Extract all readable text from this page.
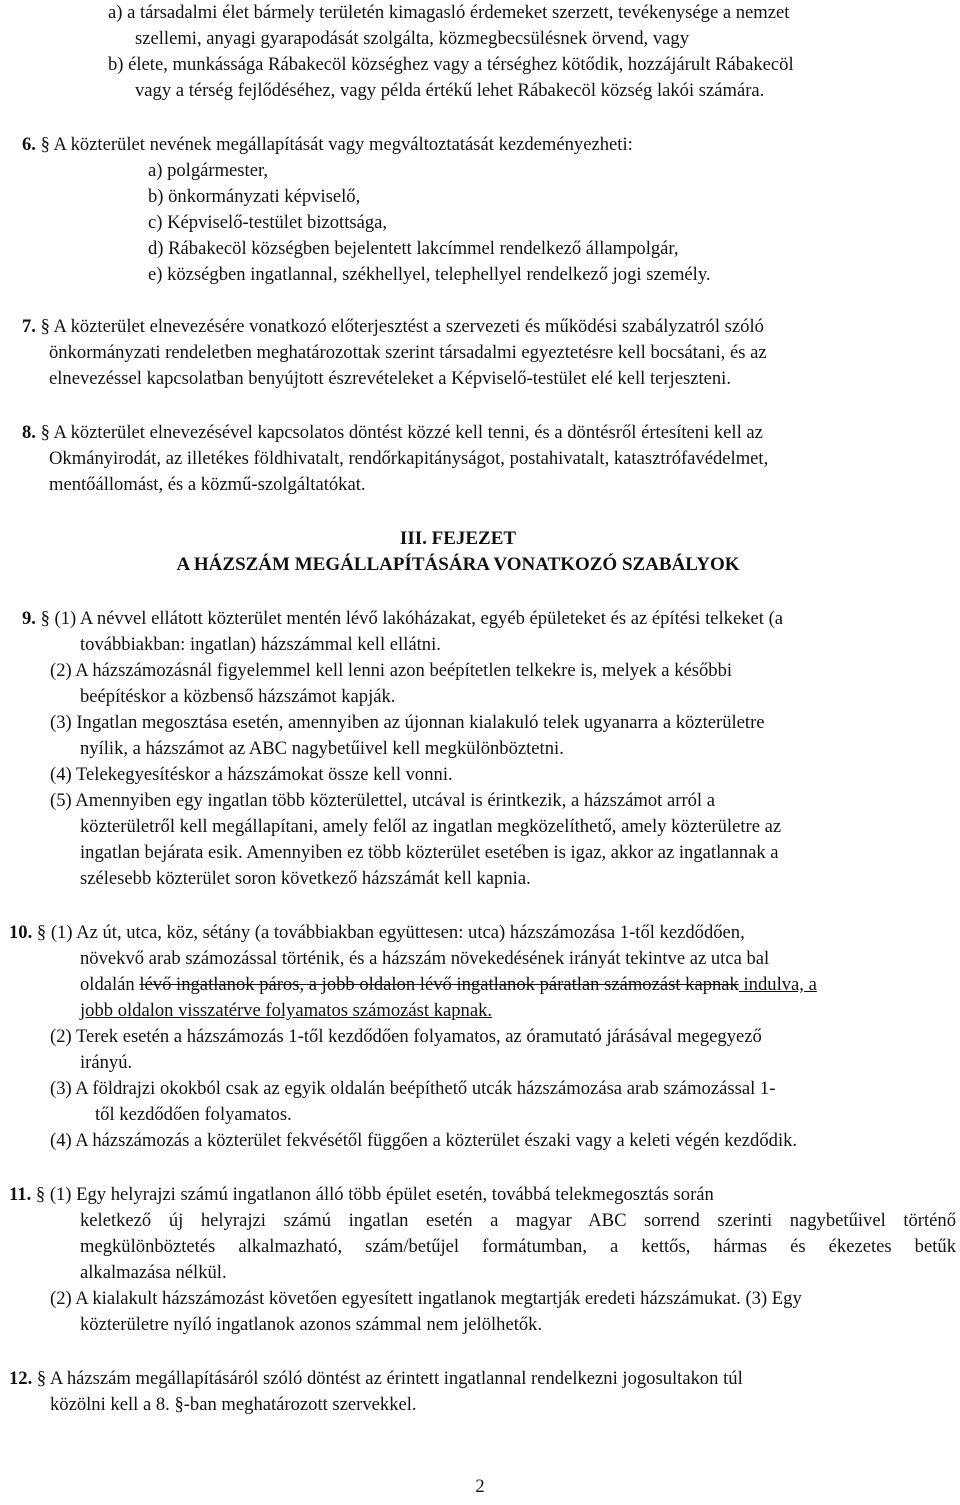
a) a társadalmi élet bármely területén kimagasló érdemeket szerzett, tevékenysége a nemzet
szellemi, anyagi gyarapodását szolgálta, közmegbecsülésnek örvend, vagy
b) élete, munkássága Rábakecöl községhez vagy a térséghez kötődik, hozzájárult Rábakecöl
vagy a térség fejlődéséhez, vagy példa értékű lehet Rábakecöl község lakói számára.
6. § A közterület nevének megállapítását vagy megváltoztatását kezdeményezheti:
a) polgármester,
b) önkormányzati képviselő,
c) Képviselő-testület bizottsága,
d) Rábakecöl községben bejelentett lakcímmel rendelkező állampolgár,
e) községben ingatlannal, székhellyel, telephellyel rendelkező jogi személy.
7. § A közterület elnevezésére vonatkozó előterjesztést a szervezeti és működési szabályzatról szóló
önkormányzati rendeletben meghatározottak szerint társadalmi egyeztetésre kell bocsátani, és az
elnevezéssel kapcsolatban benyújtott észrevételeket a Képviselő-testület elé kell terjeszteni.
8. § A közterület elnevezésével kapcsolatos döntést közzé kell tenni, és a döntésről értesíteni kell az
Okmányirodát, az illetékes földhivatalt, rendőrkapitányságot, postahivatalt, katasztrófavédelmet,
mentőállomást, és a közmű-szolgáltatókat.
III. FEJEZET
A HÁZSZÁM MEGÁLLAPÍTÁSÁRA VONATKOZÓ SZABÁLYOK
9. § (1) A névvel ellátott közterület mentén lévő lakóházakat, egyéb épületeket és az építési telkeket (a
továbbiakban: ingatlan) házszámmal kell ellátni.
(2) A házszámozásnál figyelemmel kell lenni azon beépítetlen telkekre is, melyek a későbbi
beépítéskor a közbenső házszámot kapják.
(3) Ingatlan megosztása esetén, amennyiben az újonnan kialakuló telek ugyanarra a közterületre
nyílik, a házszámot az ABC nagybetűivel kell megkülönböztetni.
(4) Telekegyesítéskor a házszámokat össze kell vonni.
(5) Amennyiben egy ingatlan több közterülettel, utcával is érintkezik, a házszámot arról a
közterületről kell megállapítani, amely felől az ingatlan megközelíthető, amely közterületre az
ingatlan bejárata esik. Amennyiben ez több közterület esetében is igaz, akkor az ingatlannak a
szélesebb közterület soron következő házszámát kell kapnia.
10. § (1) Az út, utca, köz, sétány (a továbbiakban együttesen: utca) házszámozása 1-től kezdődően,
növekvő arab számozással történik, és a házszám növekedésének irányát tekintve az utca bal
oldalán lévő ingatlanok páros, a jobb oldalon lévő ingatlanok páratlan számozást kapnak indulva, a
jobb oldalon visszatérve folyamatos számozást kapnak.
(2) Terek esetén a házszámozás 1-től kezdődően folyamatos, az óramutató járásával megegyező
irányú.
(3) A földrajzi okokból csak az egyik oldalán beépíthető utcák házszámozása arab számozással 1-
től kezdődően folyamatos.
(4) A házszámozás a közterület fekvésétől függően a közterület északi vagy a keleti végén kezdődik.
11. § (1) Egy helyrajzi számú ingatlanon álló több épület esetén, továbbá telekmegosztás során
keletkező új helyrajzi számú ingatlan esetén a magyar ABC sorrend szerinti nagybetűivel történő
megkülönböztetés alkalmazható, szám/betűjel formátumban, a kettős, hármas és ékezetes betűk
alkalmazása nélkül.
(2) A kialakult házszámozást követően egyesített ingatlanok megtartják eredeti házszámukat. (3) Egy
közterületre nyíló ingatlanok azonos számmal nem jelölhetők.
12. § A házszám megállapításáról szóló döntést az érintett ingatlannal rendelkezni jogosultakon túl
közölni kell a 8. §-ban meghatározott szervekkel.
2
